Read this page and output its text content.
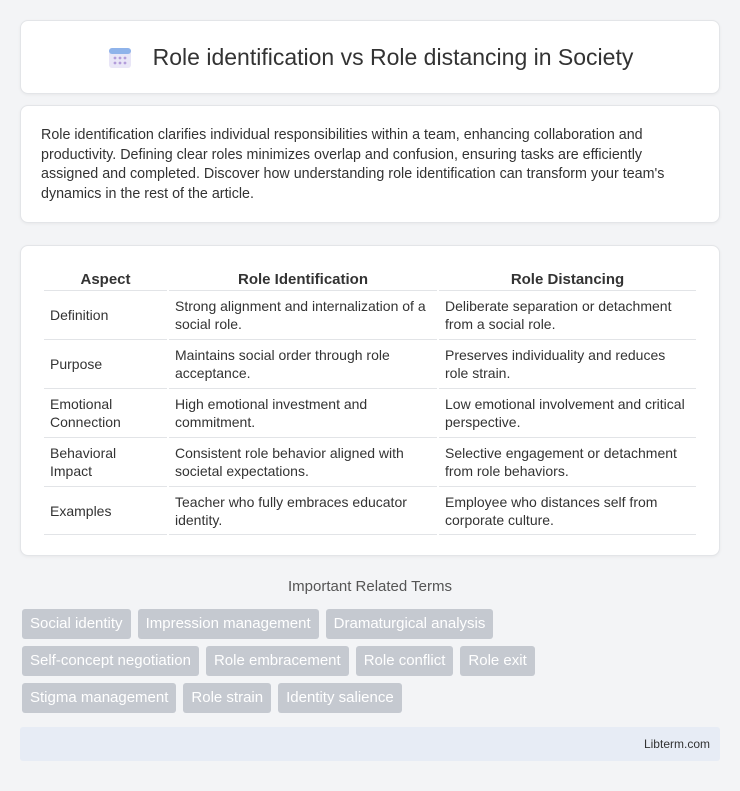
Role identification vs Role distancing in Society

Role identification clarifies individual responsibilities within a team, enhancing collaboration and productivity. Defining clear roles minimizes overlap and confusion, ensuring tasks are efficiently assigned and completed. Discover how understanding role identification can transform your team's dynamics in the rest of the article.

Aspect	Role Identification	Role Distancing
Definition	Strong alignment and internalization of a social role.	Deliberate separation or detachment from a social role.
Purpose	Maintains social order through role acceptance.	Preserves individuality and reduces role strain.
Emotional Connection	High emotional investment and commitment.	Low emotional involvement and critical perspective.
Behavioral Impact	Consistent role behavior aligned with societal expectations.	Selective engagement or detachment from role behaviors.
Examples	Teacher who fully embraces educator identity.	Employee who distances self from corporate culture.
Important Related Terms
Social identity	Impression management	Dramaturgical analysis
Self-concept negotiation	Role embracement	Role conflict	Role exit
Stigma management	Role strain	Identity salience
Libterm.com
